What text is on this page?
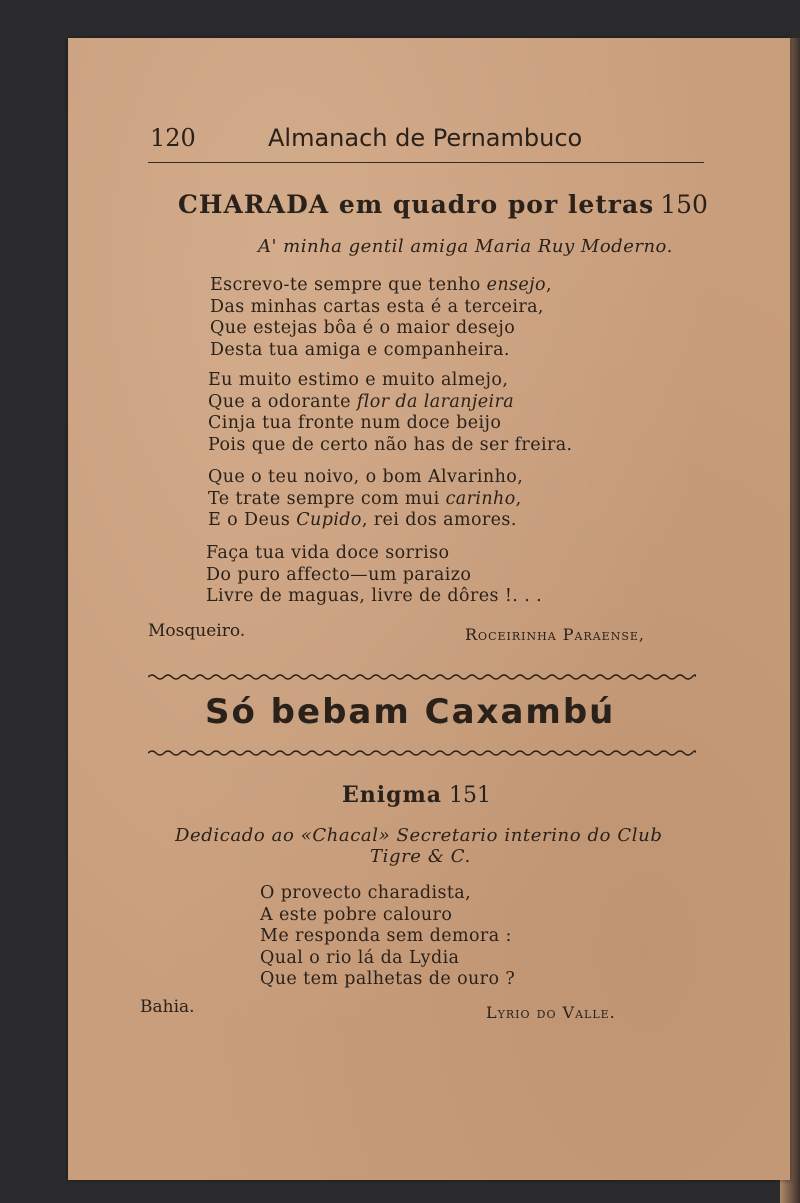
120	Almanach de Pernambuco
CHARADA em quadro por letras 150
A' minha gentil amiga Maria Ruy Moderno.
Escrevo-te sempre que tenho ensejo,
Das minhas cartas esta é a terceira,
Que estejas bôa é o maior desejo
Desta tua amiga e companheira.
Eu muito estimo e muito almejo,
Que a odorante flor da laranjeira
Cinja tua fronte num doce beijo
Pois que de certo não has de ser freira.
Que o teu noivo, o bom Alvarinho,
Te trate sempre com mui carinho,
E o Deus Cupido, rei dos amores.
Faça tua vida doce sorriso
Do puro affecto—um paraizo
Livre de maguas, livre de dôres !. . .
Mosqueiro.	Roceirinha Paraense,
Só bebam Caxambú
Enigma 151
Dedicado ao «Chacal» Secretario interino do Club
Tigre & C.
O provecto charadista,
A este pobre calouro
Me responda sem demora :
Qual o rio lá da Lydia
Que tem palhetas de ouro ?
Bahia.	Lyrio do Valle.
